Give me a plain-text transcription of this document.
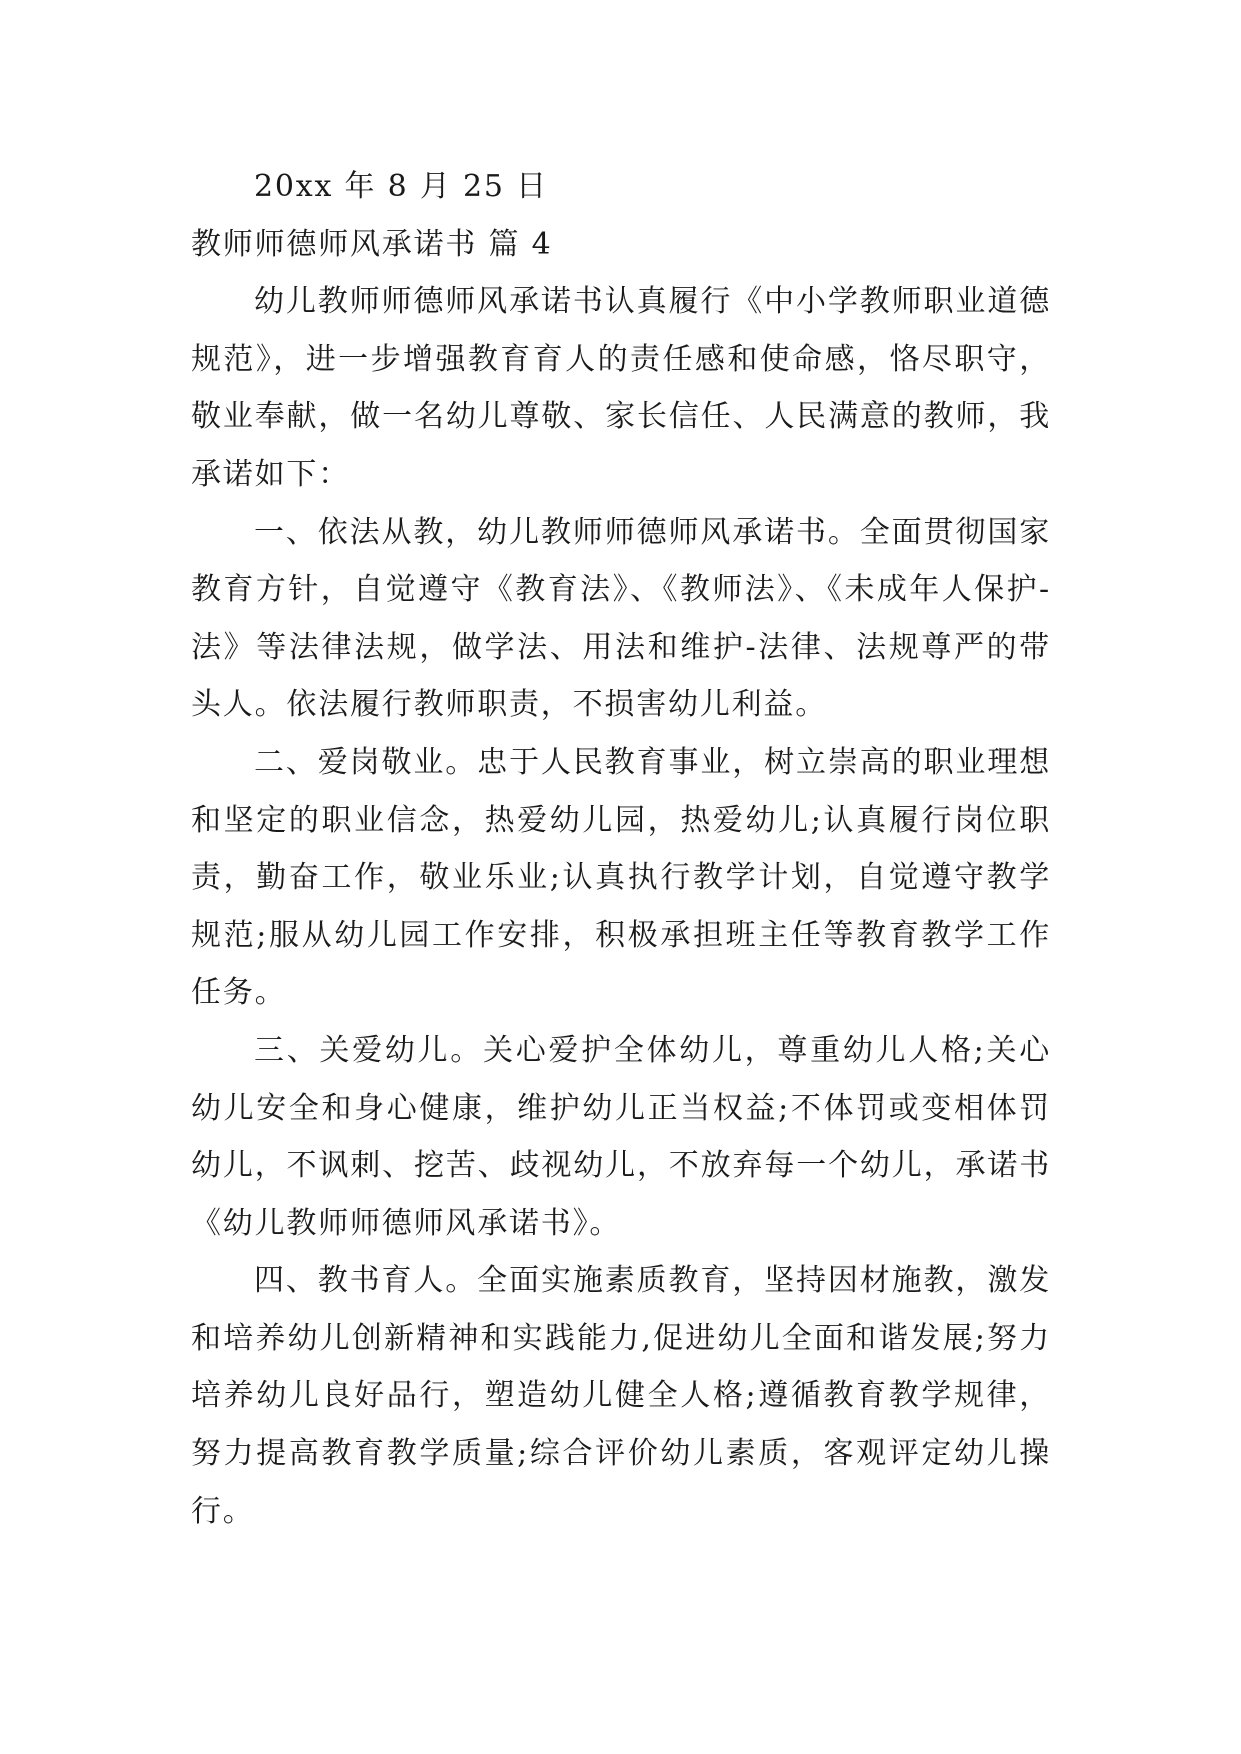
20xx 年 8 月 25 日

教师师德师风承诺书 篇 4

幼儿教师师德师风承诺书认真履行《中小学教师职业道德规范》，进一步增强教育育人的责任感和使命感，恪尽职守，敬业奉献，做一名幼儿尊敬、家长信任、人民满意的教师，我承诺如下：

一、依法从教，幼儿教师师德师风承诺书。全面贯彻国家教育方针，自觉遵守《教育法》、《教师法》、《未成年人保护-法》等法律法规，做学法、用法和维护-法律、法规尊严的带头人。依法履行教师职责，不损害幼儿利益。

二、爱岗敬业。忠于人民教育事业，树立崇高的职业理想和坚定的职业信念，热爱幼儿园，热爱幼儿;认真履行岗位职责，勤奋工作，敬业乐业;认真执行教学计划，自觉遵守教学规范;服从幼儿园工作安排，积极承担班主任等教育教学工作任务。

三、关爱幼儿。关心爱护全体幼儿，尊重幼儿人格;关心幼儿安全和身心健康，维护幼儿正当权益;不体罚或变相体罚幼儿，不讽刺、挖苦、歧视幼儿，不放弃每一个幼儿，承诺书《幼儿教师师德师风承诺书》。

四、教书育人。全面实施素质教育，坚持因材施教，激发和培养幼儿创新精神和实践能力,促进幼儿全面和谐发展;努力培养幼儿良好品行，塑造幼儿健全人格;遵循教育教学规律，努力提高教育教学质量;综合评价幼儿素质，客观评定幼儿操行。
